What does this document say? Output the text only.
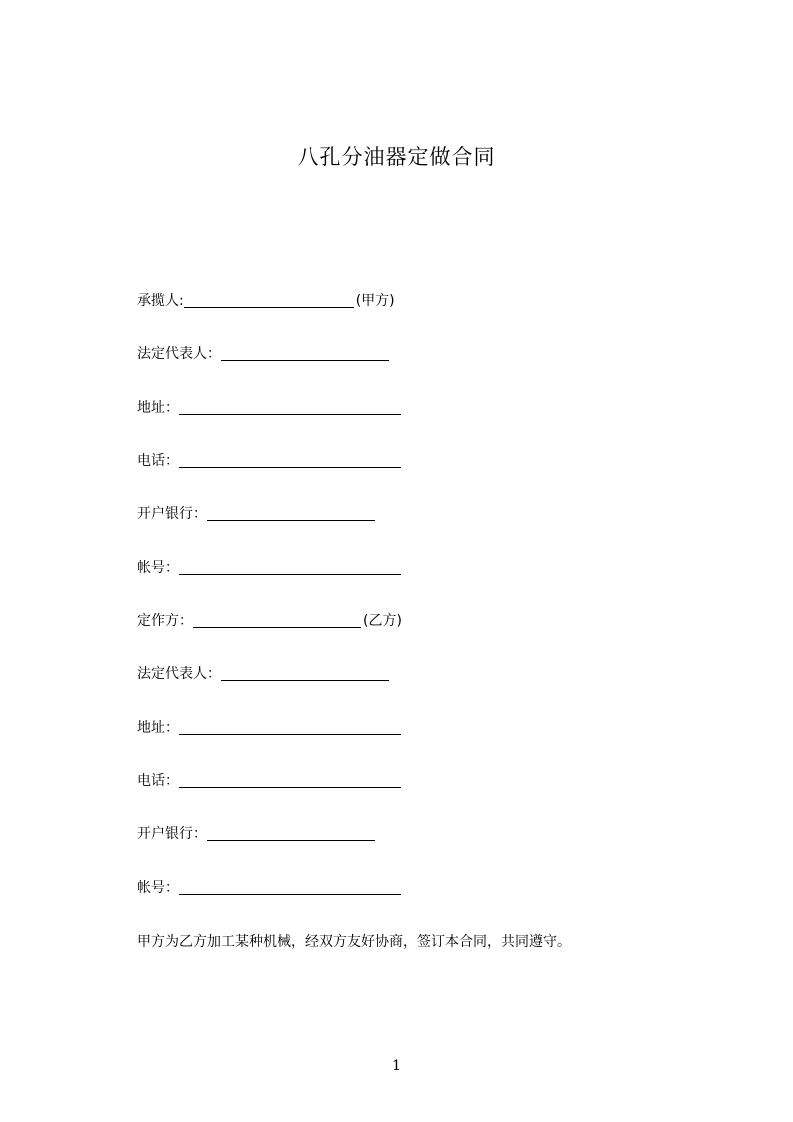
八孔分油器定做合同
承揽人:	(甲方)
法定代表人：
地址：
电话：
开户银行：
帐号：
定作方：	(乙方)
法定代表人：
地址：
电话：
开户银行：
帐号：
甲方为乙方加工某种机械，经双方友好协商，签订本合同，共同遵守。
1
